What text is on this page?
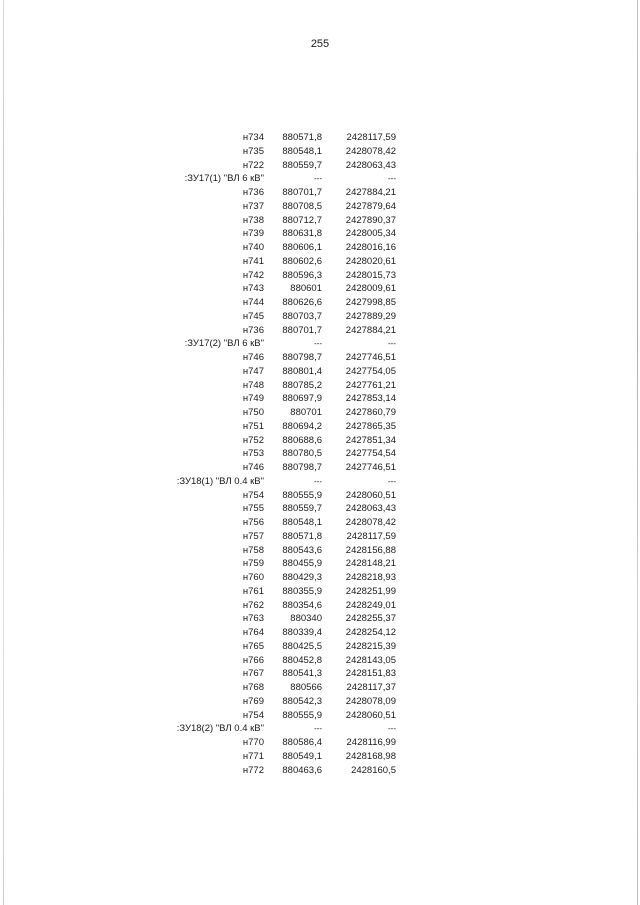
255
н734	880571,8	2428117,59
н735	880548,1	2428078,42
н722	880559,7	2428063,43
:ЗУ17(1) "ВЛ 6 кВ"	---	---
н736	880701,7	2427884,21
н737	880708,5	2427879,64
н738	880712,7	2427890,37
н739	880631,8	2428005,34
н740	880606,1	2428016,16
н741	880602,6	2428020,61
н742	880596,3	2428015,73
н743	880601	2428009,61
н744	880626,6	2427998,85
н745	880703,7	2427889,29
н736	880701,7	2427884,21
:ЗУ17(2) "ВЛ 6 кВ"	---	---
н746	880798,7	2427746,51
н747	880801,4	2427754,05
н748	880785,2	2427761,21
н749	880697,9	2427853,14
н750	880701	2427860,79
н751	880694,2	2427865,35
н752	880688,6	2427851,34
н753	880780,5	2427754,54
н746	880798,7	2427746,51
:ЗУ18(1) "ВЛ 0.4 кВ"	---	---
н754	880555,9	2428060,51
н755	880559,7	2428063,43
н756	880548,1	2428078,42
н757	880571,8	2428117,59
н758	880543,6	2428156,88
н759	880455,9	2428148,21
н760	880429,3	2428218,93
н761	880355,9	2428251,99
н762	880354,6	2428249,01
н763	880340	2428255,37
н764	880339,4	2428254,12
н765	880425,5	2428215,39
н766	880452,8	2428143,05
н767	880541,3	2428151,83
н768	880566	2428117,37
н769	880542,3	2428078,09
н754	880555,9	2428060,51
:ЗУ18(2) "ВЛ 0.4 кВ"	---	---
н770	880586,4	2428116,99
н771	880549,1	2428168,98
н772	880463,6	2428160,5
